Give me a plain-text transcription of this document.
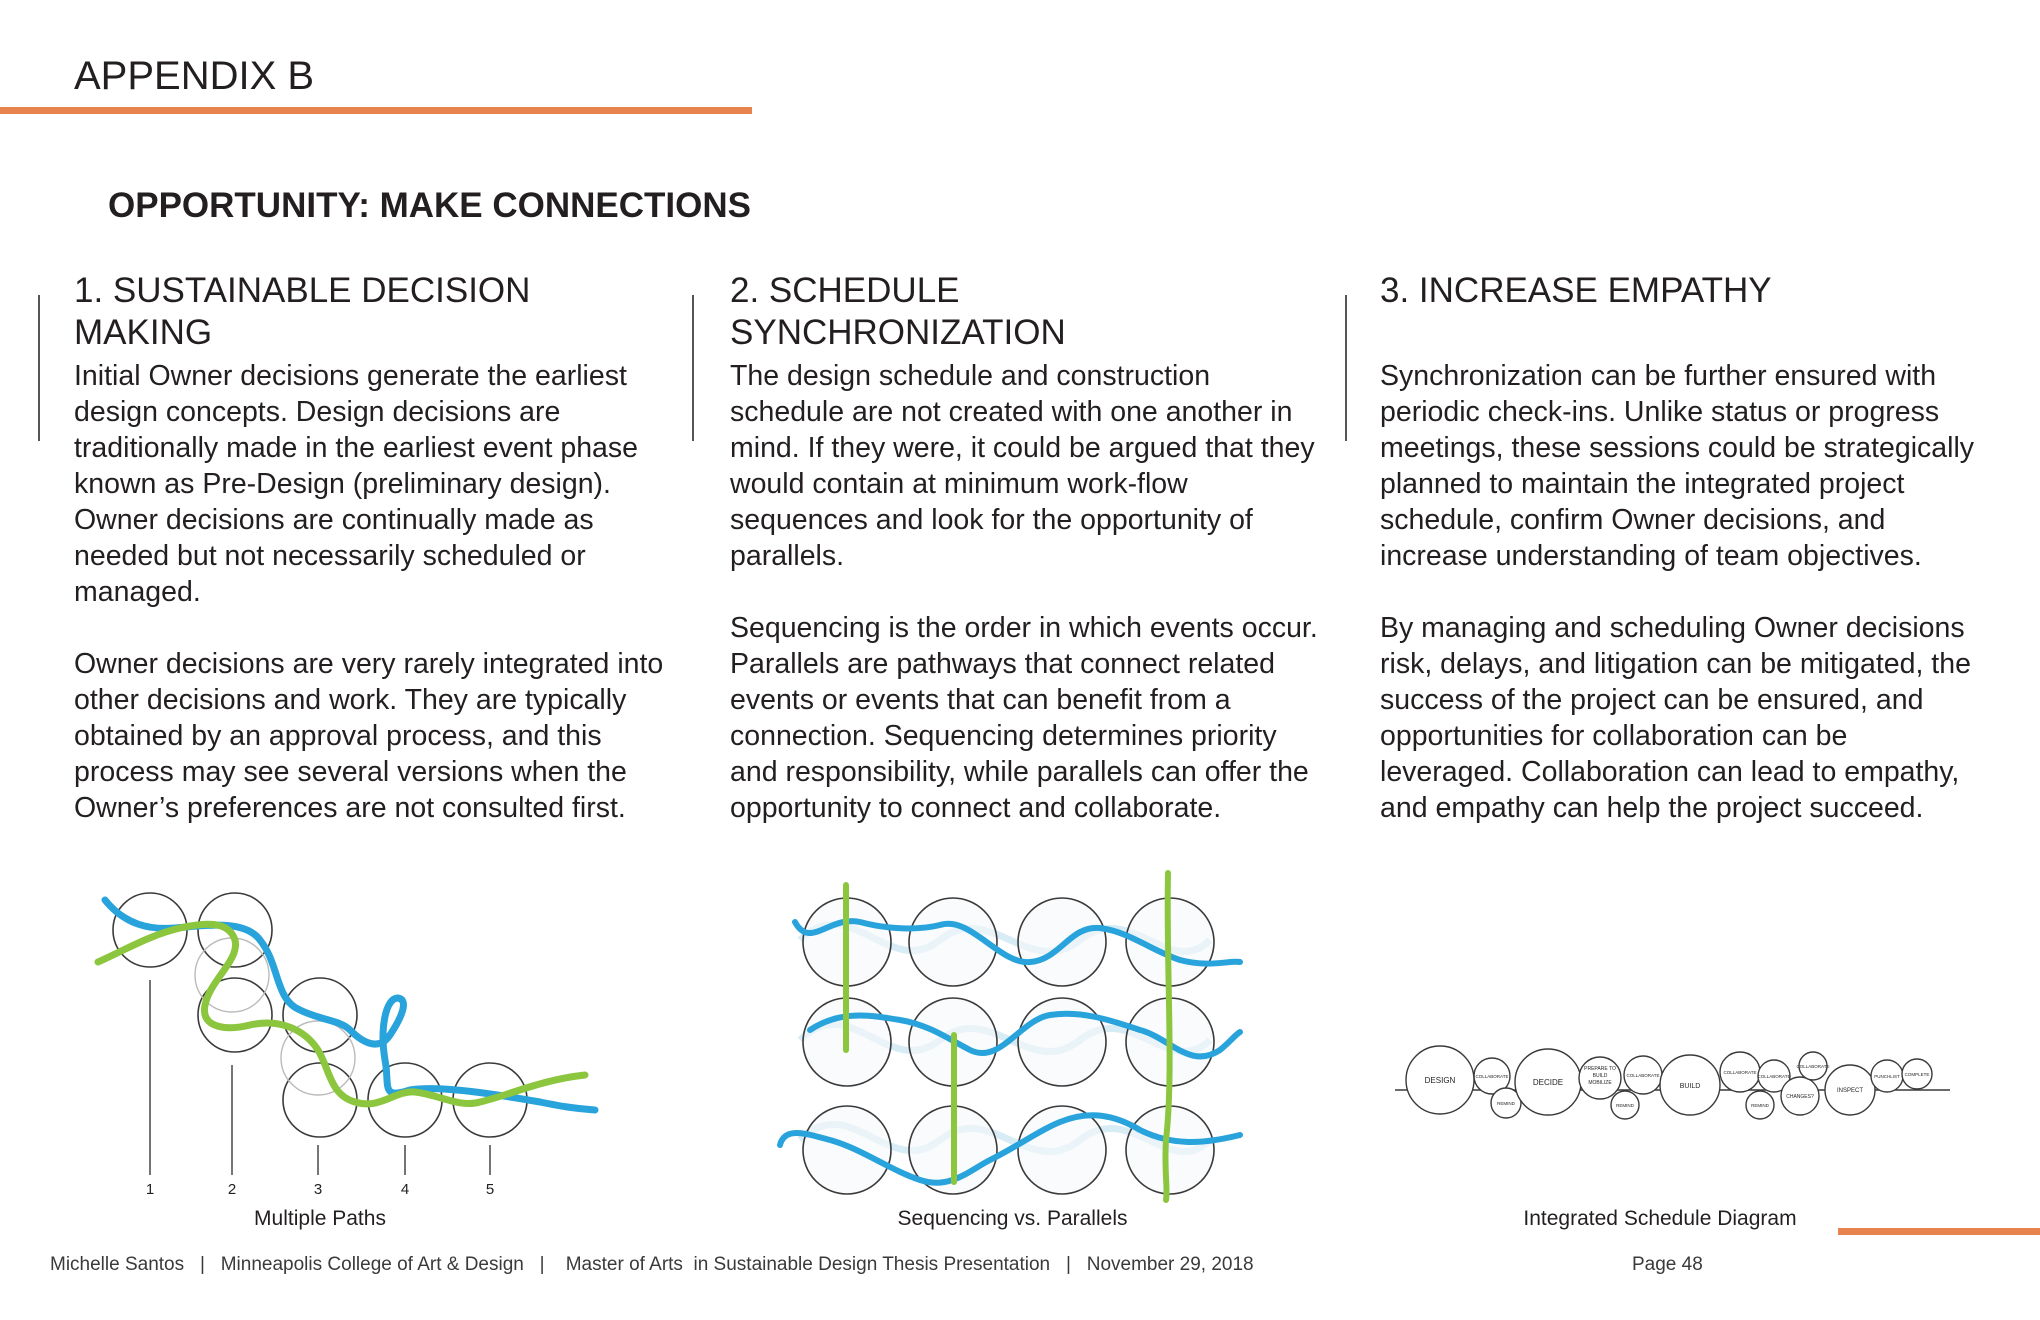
APPENDIX B
OPPORTUNITY: MAKE CONNECTIONS
1. SUSTAINABLE DECISION
MAKING

Initial Owner decisions generate the earliest design concepts. Design decisions are traditionally made in the earliest event phase known as Pre-Design (preliminary design). Owner decisions are continually made as needed but not necessarily scheduled or managed.

Owner decisions are very rarely integrated into other decisions and work. They are typically obtained by an approval process, and this process may see several versions when the Owner’s preferences are not consulted first.

2. SCHEDULE
SYNCHRONIZATION

The design schedule and construction schedule are not created with one another in mind. If they were, it could be argued that they would contain at minimum work-flow sequences and look for the opportunity of parallels.

Sequencing is the order in which events occur. Parallels are pathways that connect related events or events that can benefit from a connection. Sequencing determines priority and responsibility, while parallels can offer the opportunity to connect and collaborate.

3. INCREASE EMPATHY

Synchronization can be further ensured with periodic check-ins. Unlike status or progress meetings, these sessions could be strategically planned to maintain the integrated project schedule, confirm Owner decisions, and increase understanding of team objectives.

By managing and scheduling Owner decisions risk, delays, and litigation can be mitigated, the success of the project can be ensured, and opportunities for collaboration can be leveraged. Collaboration can lead to empathy, and empathy can help the project succeed.

1	2	3	4	5
Multiple Paths	Sequencing vs. Parallels
DESIGN	COLLABORATE
REMIND
DECIDE
PREPARE TO
BUILD
MOBILIZE
COLLABORATE
REMIND
BUILD
COLLABORATE
COLLABORATE
REMIND
CHANGES?
COLLABORATE
INSPECT
PUNCHLIST COMPLETE
Integrated Schedule Diagram
Michelle Santos   |   Minneapolis College of Art & Design   |    Master of Arts  in Sustainable Design Thesis Presentation   |   November 29, 2018	Page 48
